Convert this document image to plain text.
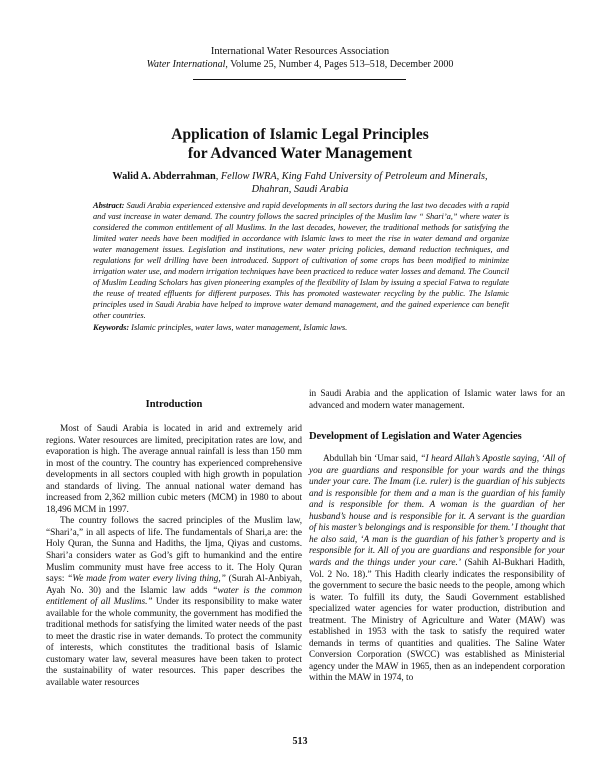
International Water Resources Association
Water International, Volume 25, Number 4, Pages 513–518, December 2000
Application of Islamic Legal Principles
for Advanced Water Management
Walid A. Abderrahman, Fellow IWRA, King Fahd University of Petroleum and Minerals,
Dhahran, Saudi Arabia
Abstract: Saudi Arabia experienced extensive and rapid developments in all sectors during the last two decades with a rapid and vast increase in water demand. The country follows the sacred principles of the Muslim law “ Shari’a,” where water is considered the common entitlement of all Muslims. In the last decades, however, the traditional methods for satisfying the limited water needs have been modified in accordance with Islamic laws to meet the rise in water demand and organize water management issues. Legislation and institutions, new water pricing policies, demand reduction techniques, and regulations for well drilling have been introduced. Support of cultivation of some crops has been modified to minimize irrigation water use, and modern irrigation techniques have been practiced to reduce water losses and demand. The Council of Muslim Leading Scholars has given pioneering examples of the flexibility of Islam by issuing a special Fatwa to regulate the reuse of treated effluents for different purposes. This has promoted wastewater recycling by the public. The Islamic principles used in Saudi Arabia have helped to improve water demand management, and the gained experience can benefit other countries.
Keywords: Islamic principles, water laws, water management, Islamic laws.
Introduction

Most of Saudi Arabia is located in arid and extremely arid regions. Water resources are limited, precipitation rates are low, and evaporation is high. The average annual rainfall is less than 150 mm in most of the country. The country has experienced comprehensive developments in all sectors coupled with high growth in population and standards of living. The annual national water demand has increased from 2,362 million cubic meters (MCM) in 1980 to about 18,496 MCM in 1997.

The country follows the sacred principles of the Muslim law, “Shari’a,” in all aspects of life. The fundamentals of Shari,a are: the Holy Quran, the Sunna and Hadiths, the Ijma, Qiyas and customs. Shari’a considers water as God’s gift to humankind and the entire Muslim community must have free access to it. The Holy Quran says: “We made from water every living thing,” (Surah Al-Anbiyah, Ayah No. 30) and the Islamic law adds “water is the common entitlement of all Muslims.” Under its responsibility to make water available for the whole community, the government has modified the traditional methods for satisfying the limited water needs of the past to meet the drastic rise in water demands. To protect the community of interests, which constitutes the traditional basis of Islamic customary water law, several measures have been taken to protect the sustainability of water resources. This paper describes the available water resources

in Saudi Arabia and the application of Islamic water laws for an advanced and modern water management.

Development of Legislation and Water Agencies

Abdullah bin ‘Umar said, “I heard Allah’s Apostle saying, ‘All of you are guardians and responsible for your wards and the things under your care. The Imam (i.e. ruler) is the guardian of his subjects and is responsible for them and a man is the guardian of his family and is responsible for them. A woman is the guardian of her husband’s house and is responsible for it. A servant is the guardian of his master’s belongings and is responsible for them.’ I thought that he also said, ‘A man is the guardian of his father’s property and is responsible for it. All of you are guardians and responsible for your wards and the things under your care.’ (Sahih Al-Bukhari Hadith, Vol. 2 No. 18).” This Hadith clearly indicates the responsibility of the government to secure the basic needs to the people, among which is water. To fulfill its duty, the Saudi Government established specialized water agencies for water production, distribution and treatment. The Ministry of Agriculture and Water (MAW) was established in 1953 with the task to satisfy the required water demands in terms of quantities and qualities. The Saline Water Conversion Corporation (SWCC) was established as Ministerial agency under the MAW in 1965, then as an independent corporation within the MAW in 1974, to

513
